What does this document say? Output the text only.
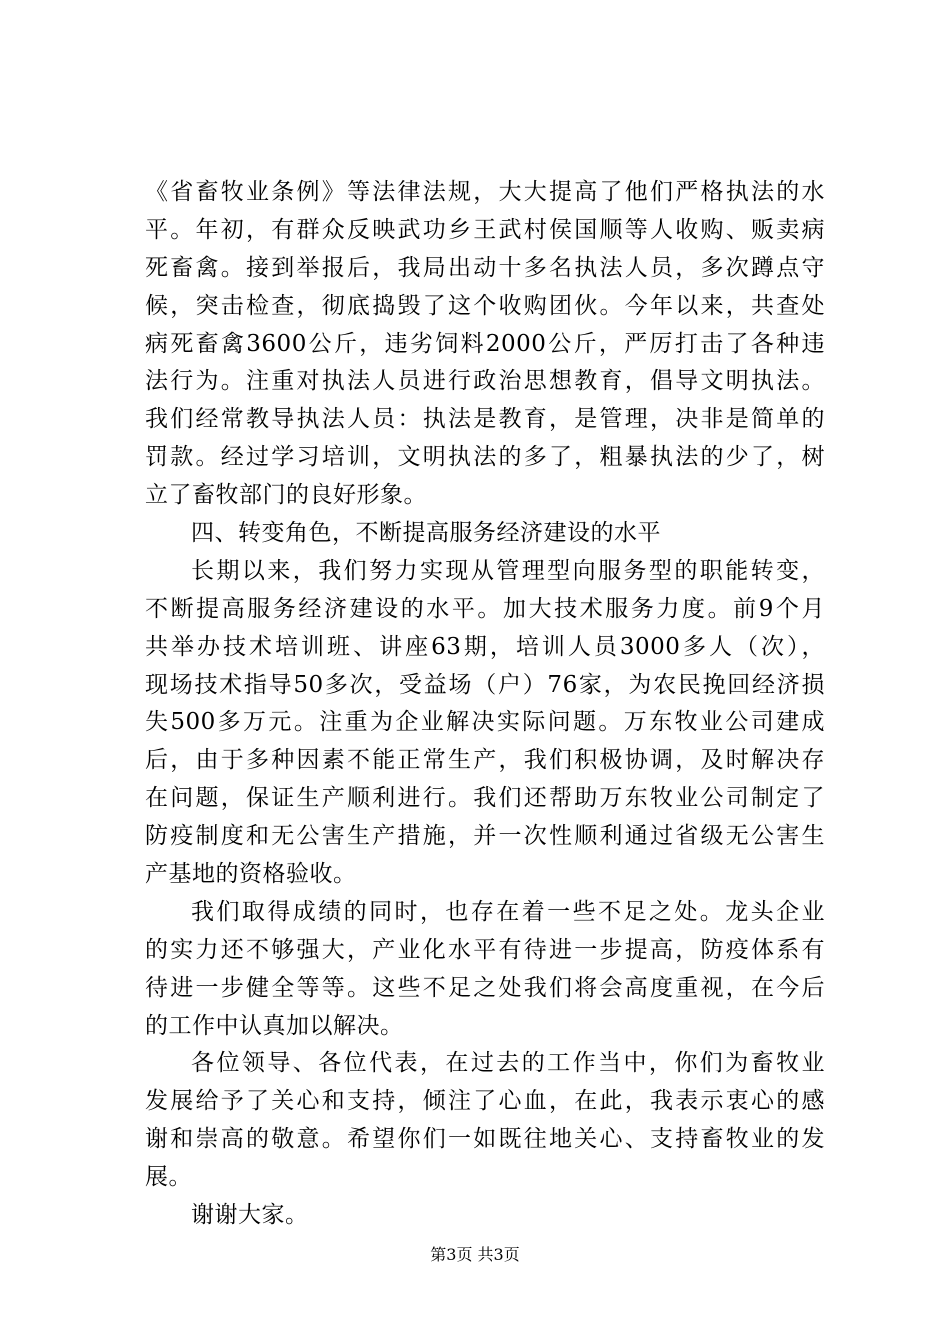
《省畜牧业条例》等法律法规，大大提高了他们严格执法的水
平。年初，有群众反映武功乡王武村侯国顺等人收购、贩卖病
死畜禽。接到举报后，我局出动十多名执法人员，多次蹲点守
候，突击检查，彻底捣毁了这个收购团伙。今年以来，共查处
病死畜禽3600公斤，违劣饲料2000公斤，严厉打击了各种违
法行为。注重对执法人员进行政治思想教育，倡导文明执法。
我们经常教导执法人员：执法是教育，是管理，决非是简单的
罚款。经过学习培训，文明执法的多了，粗暴执法的少了，树
立了畜牧部门的良好形象。
四、转变角色，不断提高服务经济建设的水平
长期以来，我们努力实现从管理型向服务型的职能转变，
不断提高服务经济建设的水平。加大技术服务力度。前9个月
共举办技术培训班、讲座63期，培训人员3000多人（次），
现场技术指导50多次，受益场（户）76家，为农民挽回经济损
失500多万元。注重为企业解决实际问题。万东牧业公司建成
后，由于多种因素不能正常生产，我们积极协调，及时解决存
在问题，保证生产顺利进行。我们还帮助万东牧业公司制定了
防疫制度和无公害生产措施，并一次性顺利通过省级无公害生
产基地的资格验收。
我们取得成绩的同时，也存在着一些不足之处。龙头企业
的实力还不够强大，产业化水平有待进一步提高，防疫体系有
待进一步健全等等。这些不足之处我们将会高度重视，在今后
的工作中认真加以解决。
各位领导、各位代表，在过去的工作当中，你们为畜牧业
发展给予了关心和支持，倾注了心血，在此，我表示衷心的感
谢和崇高的敬意。希望你们一如既往地关心、支持畜牧业的发
展。
谢谢大家。
第3页 共3页
